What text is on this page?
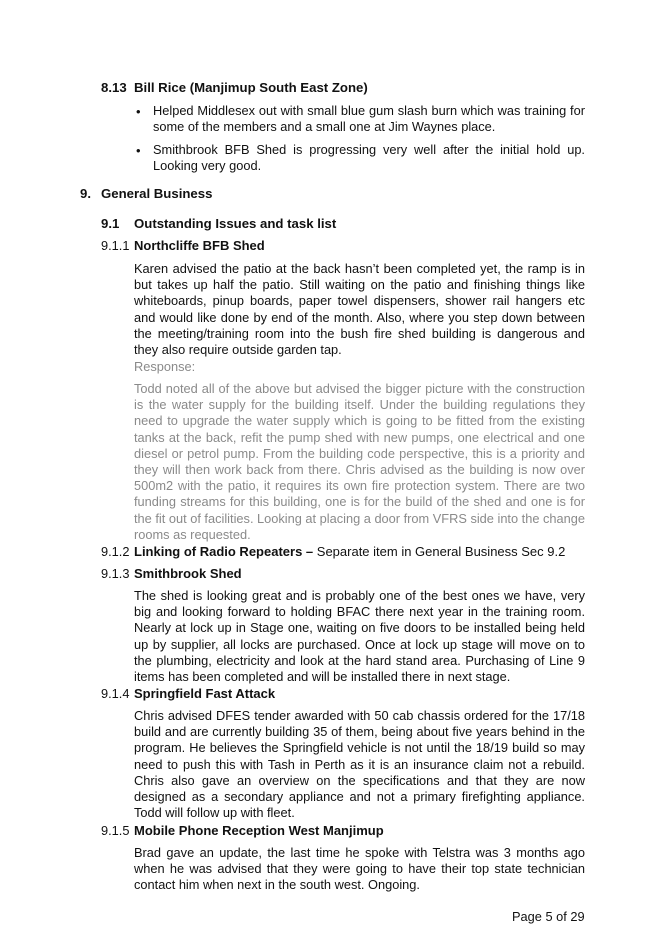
8.13 Bill Rice (Manjimup South East Zone)
• Helped Middlesex out with small blue gum slash burn which was training for some of the members and a small one at Jim Waynes place.
• Smithbrook BFB Shed is progressing very well after the initial hold up. Looking very good.
9. General Business
9.1 Outstanding Issues and task list
9.1.1 Northcliffe BFB Shed
Karen advised the patio at the back hasn’t been completed yet, the ramp is in but takes up half the patio. Still waiting on the patio and finishing things like whiteboards, pinup boards, paper towel dispensers, shower rail hangers etc and would like done by end of the month. Also, where you step down between the meeting/training room into the bush fire shed building is dangerous and they also require outside garden tap.
Response:
Todd noted all of the above but advised the bigger picture with the construction is the water supply for the building itself. Under the building regulations they need to upgrade the water supply which is going to be fitted from the existing tanks at the back, refit the pump shed with new pumps, one electrical and one diesel or petrol pump. From the building code perspective, this is a priority and they will then work back from there. Chris advised as the building is now over 500m2 with the patio, it requires its own fire protection system. There are two funding streams for this building, one is for the build of the shed and one is for the fit out of facilities. Looking at placing a door from VFRS side into the change rooms as requested.
9.1.2 Linking of Radio Repeaters – Separate item in General Business Sec 9.2
9.1.3 Smithbrook Shed
The shed is looking great and is probably one of the best ones we have, very big and looking forward to holding BFAC there next year in the training room. Nearly at lock up in Stage one, waiting on five doors to be installed being held up by supplier, all locks are purchased. Once at lock up stage will move on to the plumbing, electricity and look at the hard stand area. Purchasing of Line 9 items has been completed and will be installed there in next stage.
9.1.4 Springfield Fast Attack
Chris advised DFES tender awarded with 50 cab chassis ordered for the 17/18 build and are currently building 35 of them, being about five years behind in the program. He believes the Springfield vehicle is not until the 18/19 build so may need to push this with Tash in Perth as it is an insurance claim not a rebuild. Chris also gave an overview on the specifications and that they are now designed as a secondary appliance and not a primary firefighting appliance. Todd will follow up with fleet.
9.1.5 Mobile Phone Reception West Manjimup
Brad gave an update, the last time he spoke with Telstra was 3 months ago when he was advised that they were going to have their top state technician contact him when next in the south west. Ongoing.
Page 5 of 29
